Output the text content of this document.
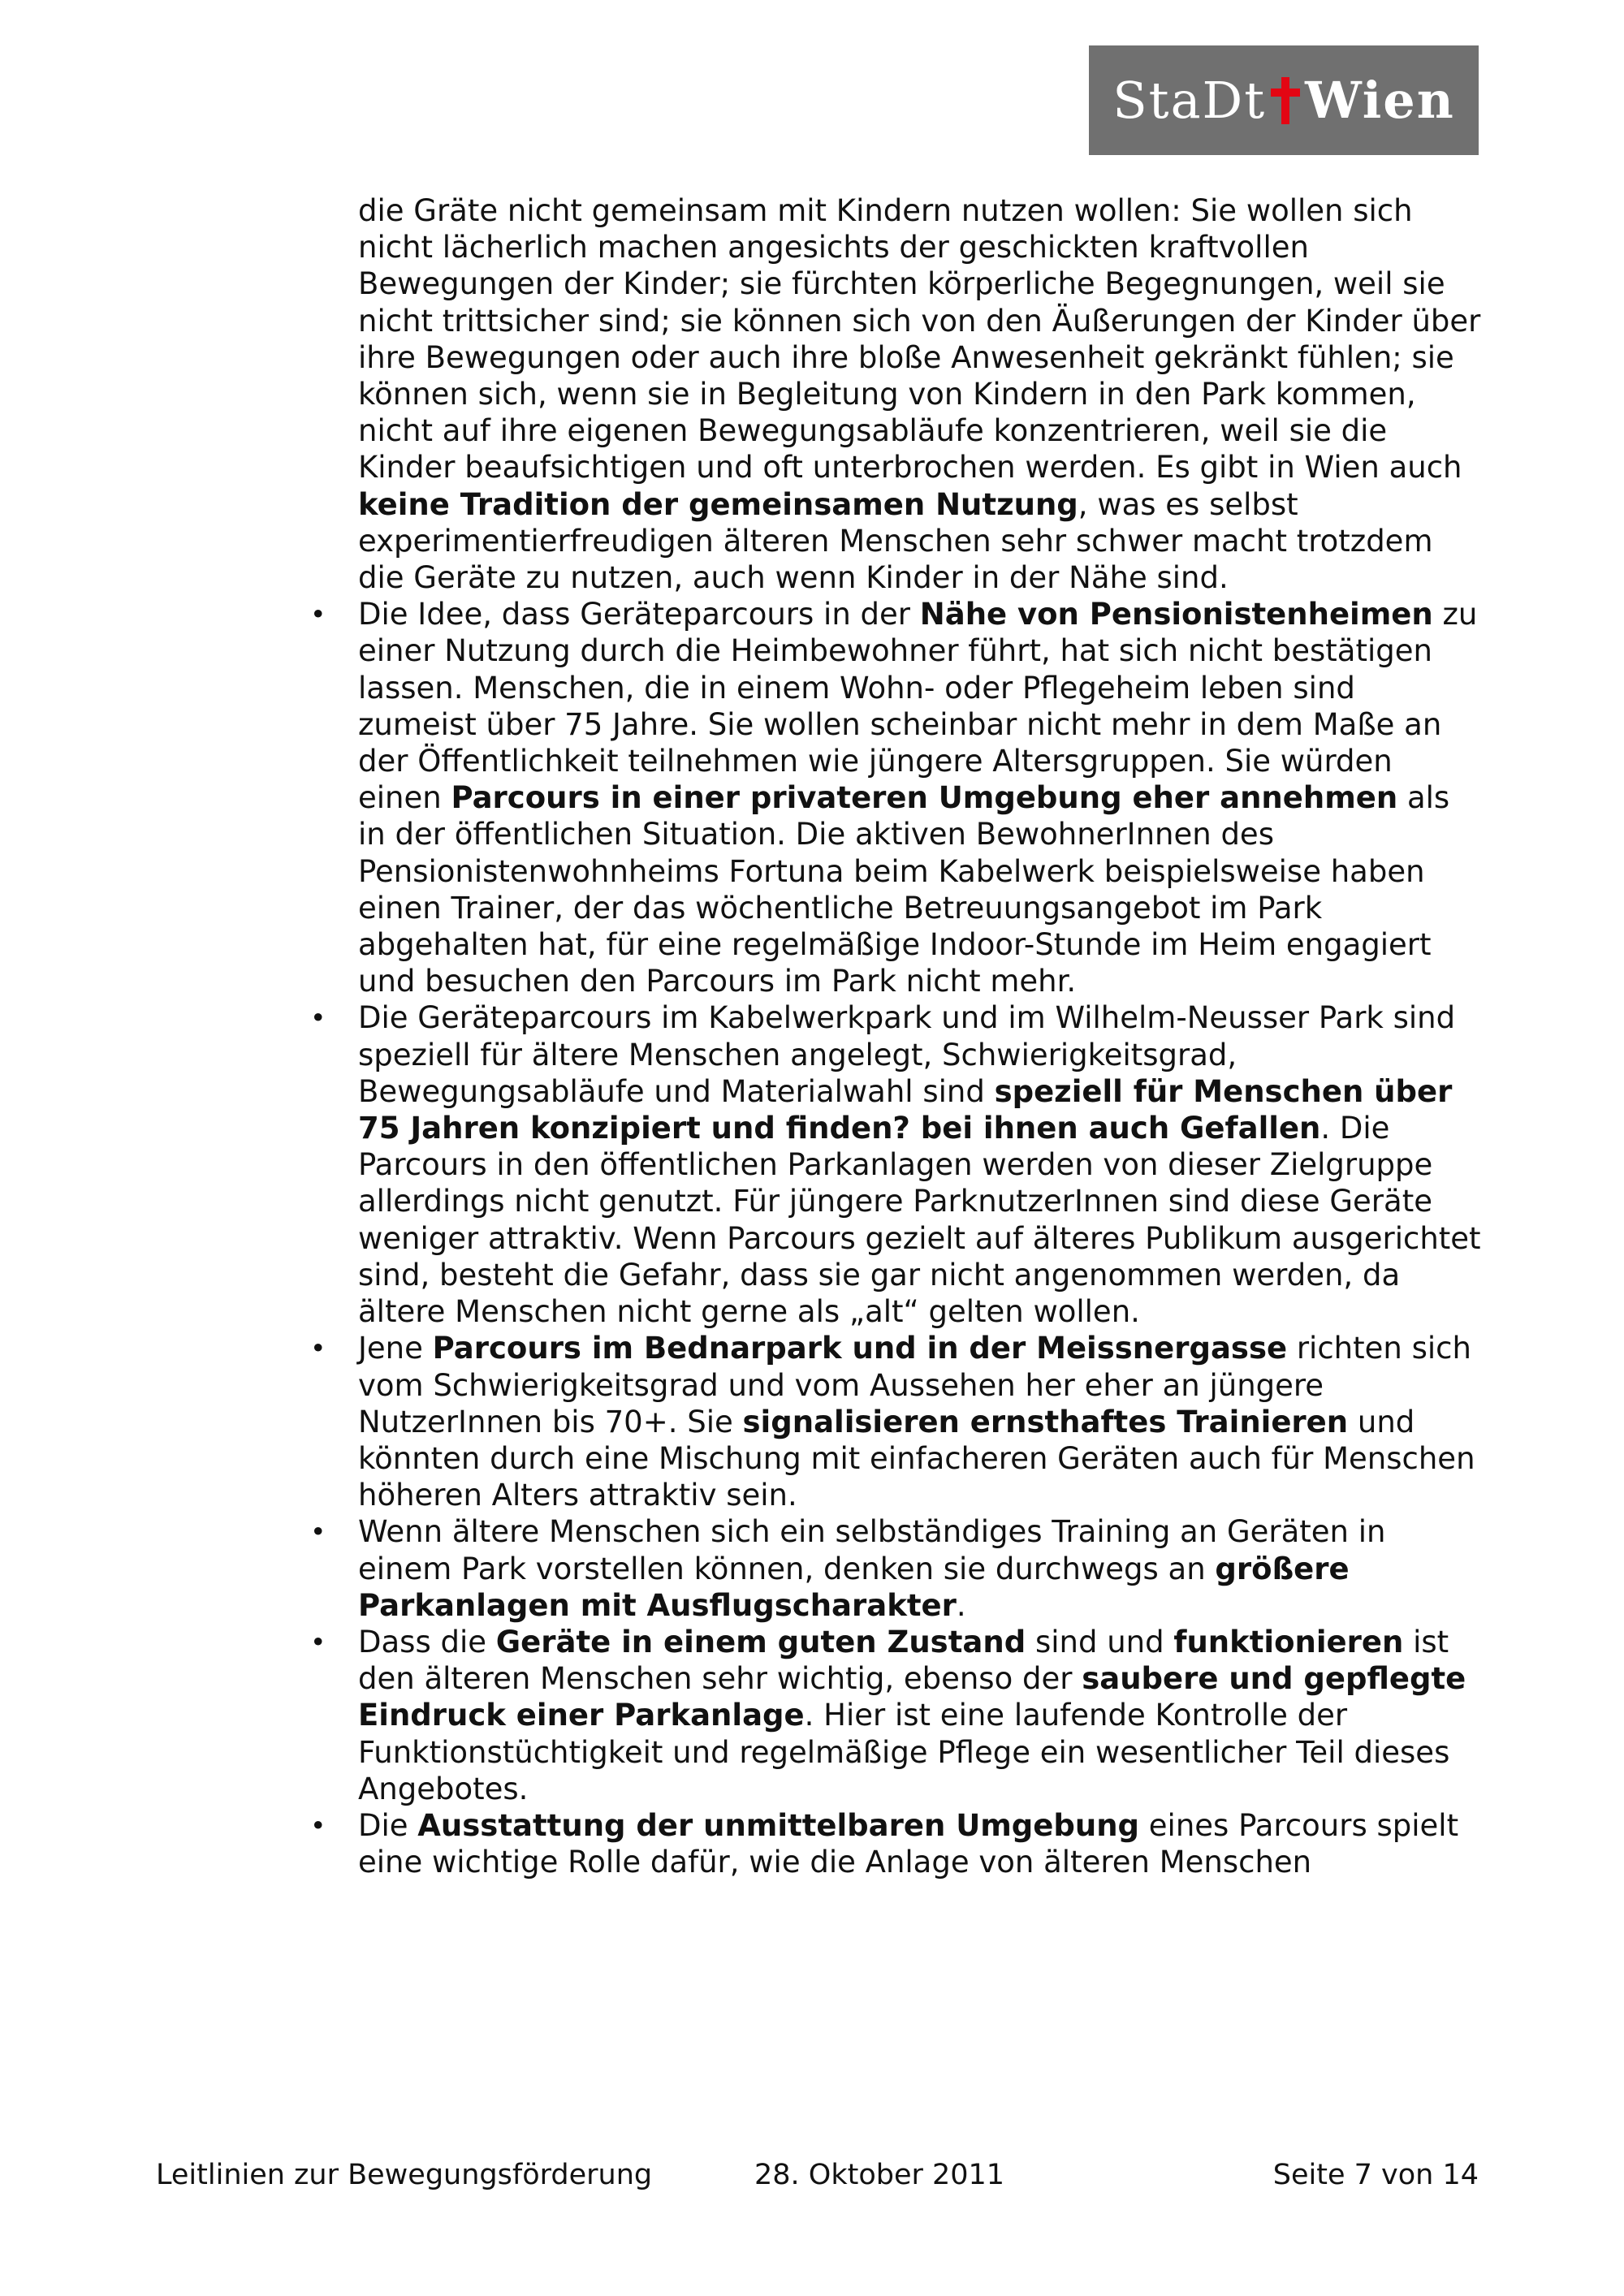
StaDt Wien

die Gräte nicht gemeinsam mit Kindern nutzen wollen: Sie wollen sich nicht lächerlich machen angesichts der geschickten kraftvollen Bewegungen der Kinder; sie fürchten körperliche Begegnungen, weil sie nicht trittsicher sind; sie können sich von den Äußerungen der Kinder über ihre Bewegungen oder auch ihre bloße Anwesenheit gekränkt fühlen; sie können sich, wenn sie in Begleitung von Kindern in den Park kommen, nicht auf ihre eigenen Bewegungsabläufe konzentrieren, weil sie die Kinder beaufsichtigen und oft unterbrochen werden. Es gibt in Wien auch keine Tradition der gemeinsamen Nutzung, was es selbst experimentierfreudigen älteren Menschen sehr schwer macht trotzdem die Geräte zu nutzen, auch wenn Kinder in der Nähe sind.

• Die Idee, dass Geräteparcours in der Nähe von Pensionistenheimen zu einer Nutzung durch die Heimbewohner führt, hat sich nicht bestätigen lassen. Menschen, die in einem Wohn- oder Pflegeheim leben sind zumeist über 75 Jahre. Sie wollen scheinbar nicht mehr in dem Maße an der Öffentlichkeit teilnehmen wie jüngere Altersgruppen. Sie würden einen Parcours in einer privateren Umgebung eher annehmen als in der öffentlichen Situation. Die aktiven BewohnerInnen des Pensionistenwohnheims Fortuna beim Kabelwerk beispielsweise haben einen Trainer, der das wöchentliche Betreuungsangebot im Park abgehalten hat, für eine regelmäßige Indoor-Stunde im Heim engagiert und besuchen den Parcours im Park nicht mehr.

• Die Geräteparcours im Kabelwerkpark und im Wilhelm-Neusser Park sind speziell für ältere Menschen angelegt, Schwierigkeitsgrad, Bewegungsabläufe und Materialwahl sind speziell für Menschen über 75 Jahren konzipiert und finden? bei ihnen auch Gefallen. Die Parcours in den öffentlichen Parkanlagen werden von dieser Zielgruppe allerdings nicht genutzt. Für jüngere ParknutzerInnen sind diese Geräte weniger attraktiv. Wenn Parcours gezielt auf älteres Publikum ausgerichtet sind, besteht die Gefahr, dass sie gar nicht angenommen werden, da ältere Menschen nicht gerne als „alt“ gelten wollen.

• Jene Parcours im Bednarpark und in der Meissnergasse richten sich vom Schwierigkeitsgrad und vom Aussehen her eher an jüngere NutzerInnen bis 70+. Sie signalisieren ernsthaftes Trainieren und könnten durch eine Mischung mit einfacheren Geräten auch für Menschen höheren Alters attraktiv sein.

• Wenn ältere Menschen sich ein selbständiges Training an Geräten in einem Park vorstellen können, denken sie durchwegs an größere Parkanlagen mit Ausflugscharakter.

• Dass die Geräte in einem guten Zustand sind und funktionieren ist den älteren Menschen sehr wichtig, ebenso der saubere und gepflegte Eindruck einer Parkanlage. Hier ist eine laufende Kontrolle der Funktionstüchtigkeit und regelmäßige Pflege ein wesentlicher Teil dieses Angebotes.

• Die Ausstattung der unmittelbaren Umgebung eines Parcours spielt eine wichtige Rolle dafür, wie die Anlage von älteren Menschen

Leitlinien zur Bewegungsförderung	28. Oktober 2011	Seite 7 von 14
